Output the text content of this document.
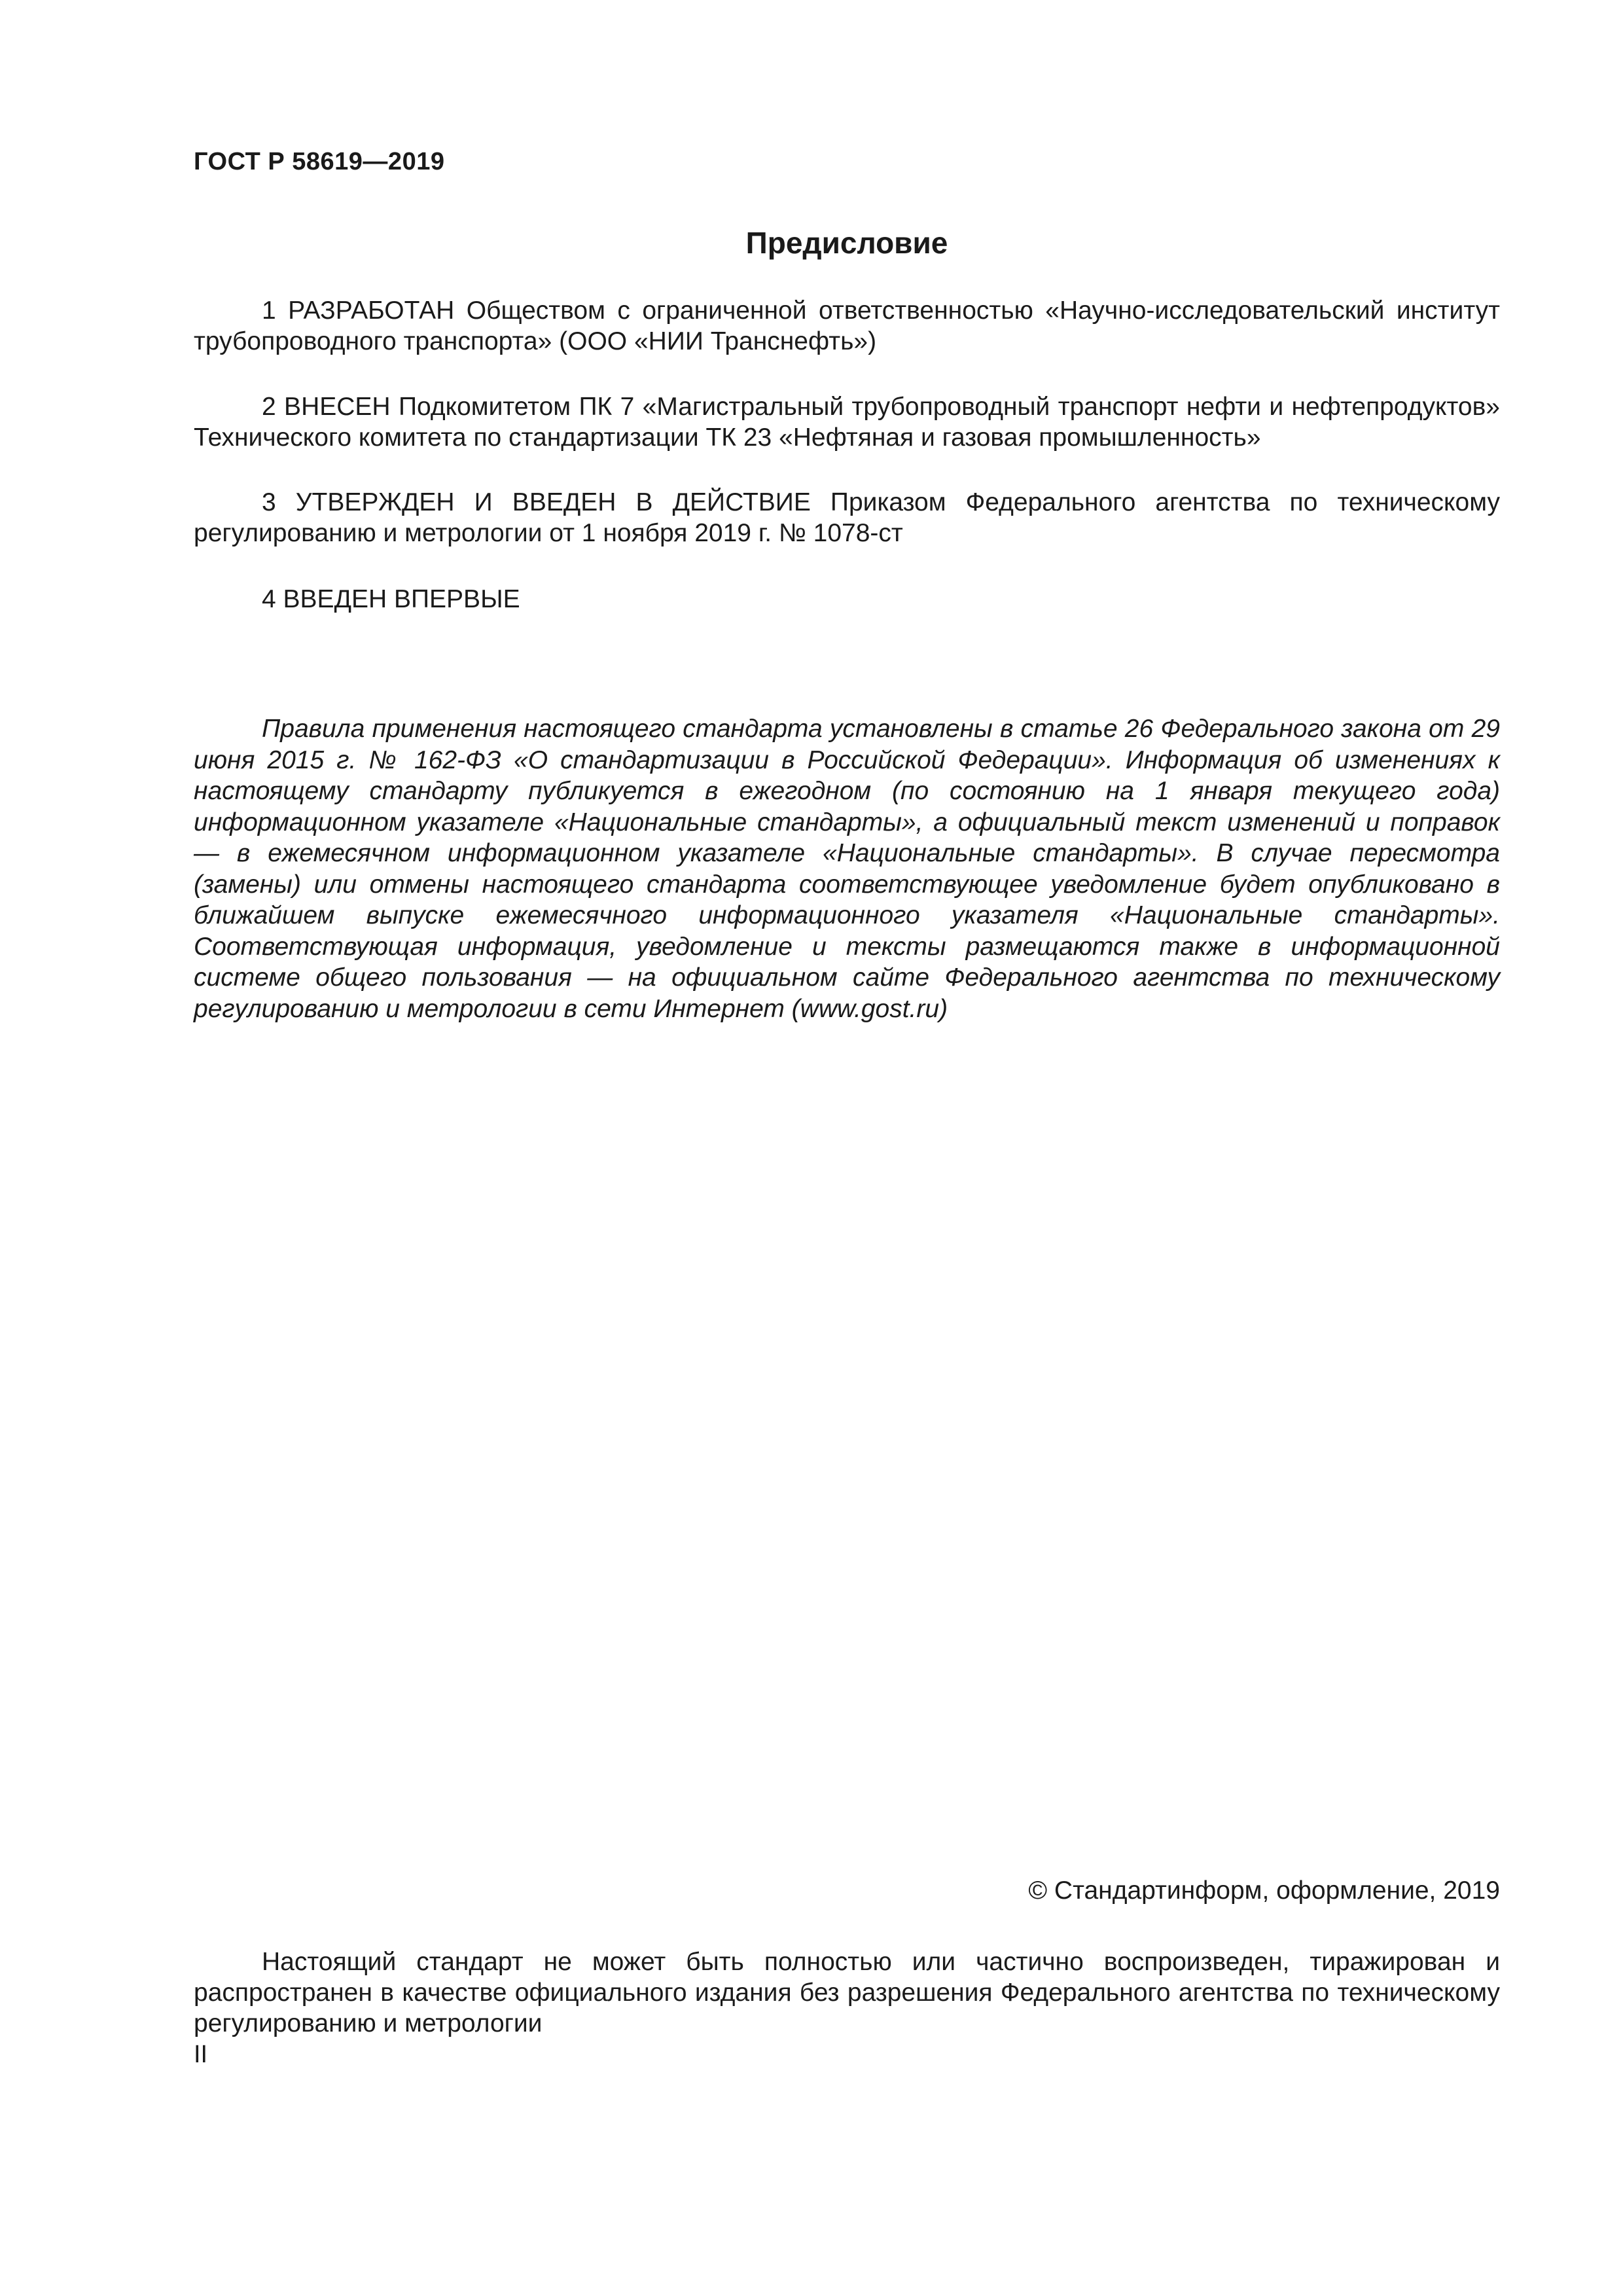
ГОСТ Р 58619—2019
Предисловие

1 РАЗРАБОТАН Обществом с ограниченной ответственностью «Научно-исследовательский институт трубопроводного транспорта» (ООО «НИИ Транснефть»)

2 ВНЕСЕН Подкомитетом ПК 7 «Магистральный трубопроводный транспорт нефти и нефтепродуктов» Технического комитета по стандартизации ТК 23 «Нефтяная и газовая промышленность»

3 УТВЕРЖДЕН И ВВЕДЕН В ДЕЙСТВИЕ Приказом Федерального агентства по техническому регулированию и метрологии от 1 ноября 2019 г. № 1078-ст

4 ВВЕДЕН ВПЕРВЫЕ

Правила применения настоящего стандарта установлены в статье 26 Федерального закона от 29 июня 2015 г. № 162-ФЗ «О стандартизации в Российской Федерации». Информация об изменениях к настоящему стандарту публикуется в ежегодном (по состоянию на 1 января текущего года) информационном указателе «Национальные стандарты», а официальный текст изменений и поправок — в ежемесячном информационном указателе «Национальные стандарты». В случае пересмотра (замены) или отмены настоящего стандарта соответствующее уведомление будет опубликовано в ближайшем выпуске ежемесячного информационного указателя «Национальные стандарты». Соответствующая информация, уведомление и тексты размещаются также в информационной системе общего пользования — на официальном сайте Федерального агентства по техническому регулированию и метрологии в сети Интернет (www.gost.ru)

© Стандартинформ, оформление, 2019

Настоящий стандарт не может быть полностью или частично воспроизведен, тиражирован и распространен в качестве официального издания без разрешения Федерального агентства по техническому регулированию и метрологии

II
